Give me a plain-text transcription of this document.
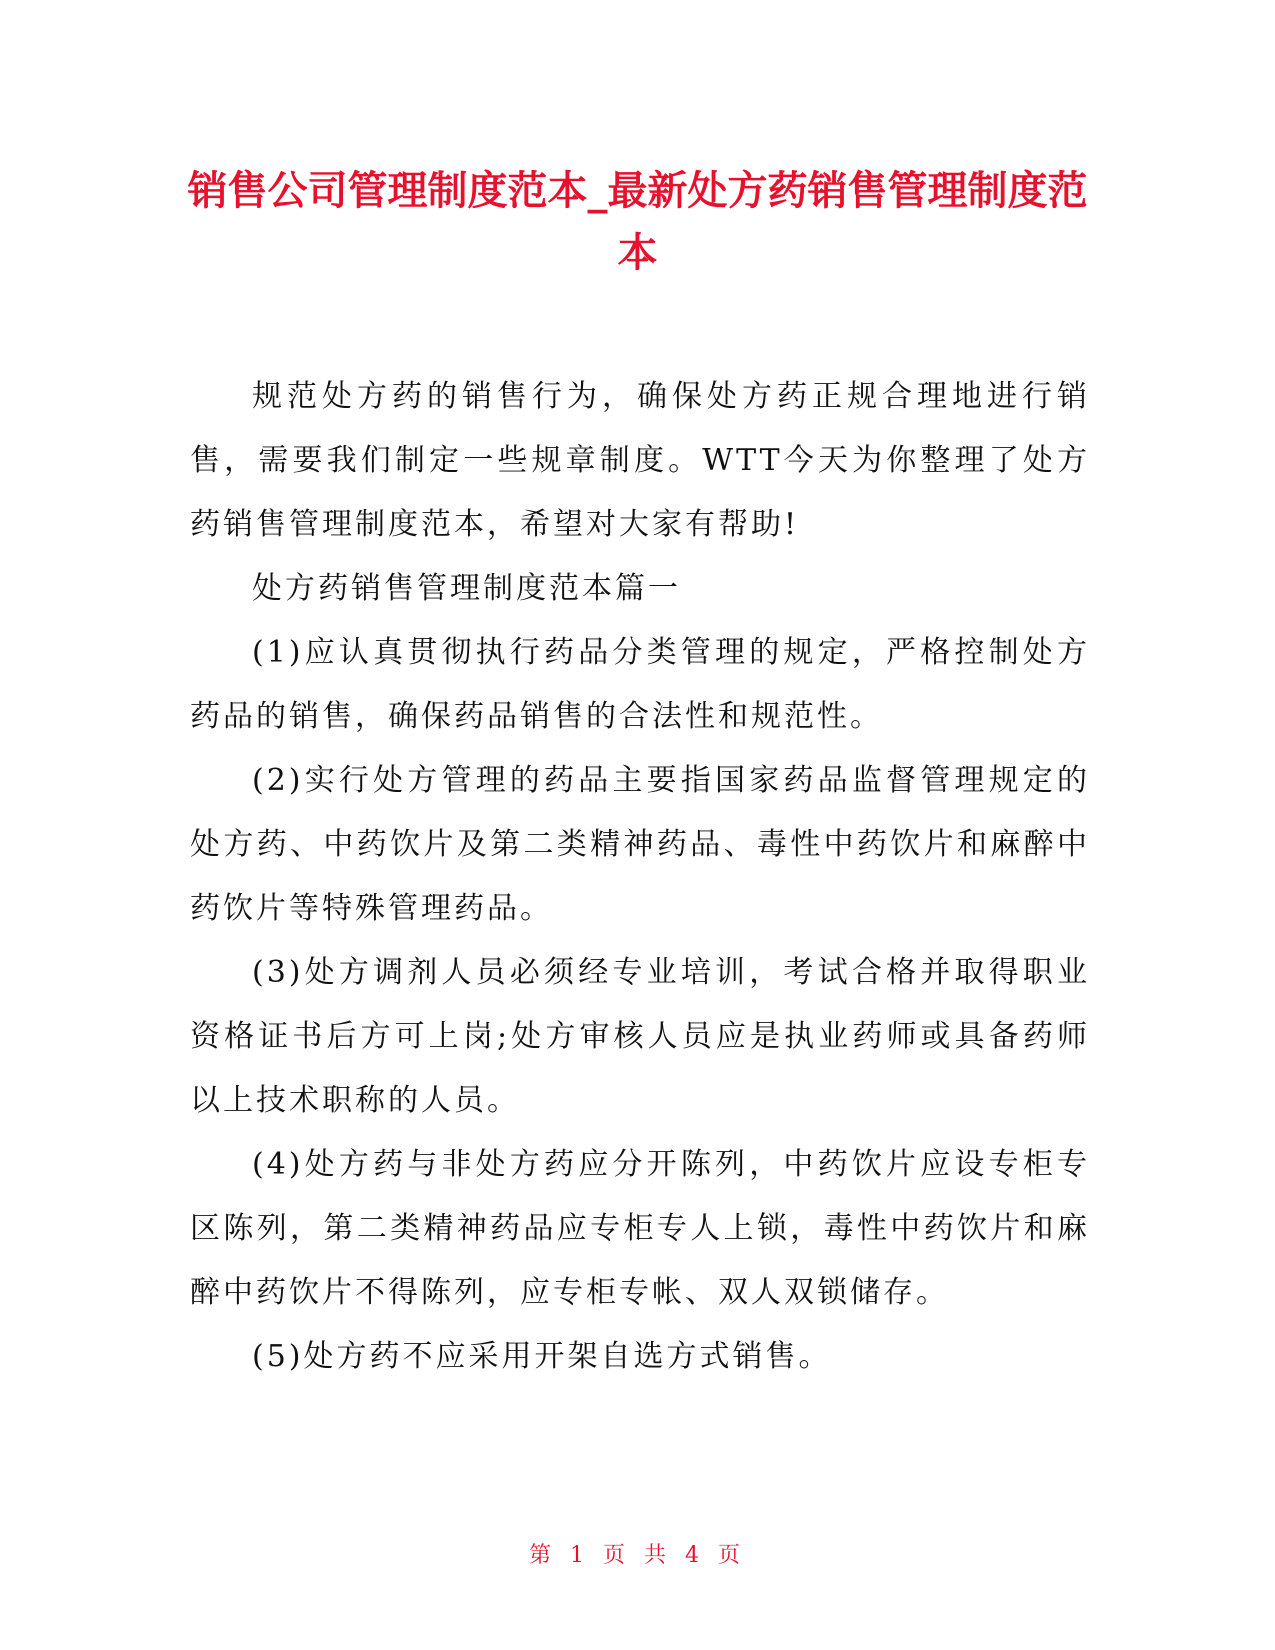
销售公司管理制度范本_最新处方药销售管理制度范本

规范处方药的销售行为，确保处方药正规合理地进行销售，需要我们制定一些规章制度。WTT今天为你整理了处方药销售管理制度范本，希望对大家有帮助!

处方药销售管理制度范本篇一

(1)应认真贯彻执行药品分类管理的规定，严格控制处方药品的销售，确保药品销售的合法性和规范性。

(2)实行处方管理的药品主要指国家药品监督管理规定的处方药、中药饮片及第二类精神药品、毒性中药饮片和麻醉中药饮片等特殊管理药品。

(3)处方调剂人员必须经专业培训，考试合格并取得职业资格证书后方可上岗;处方审核人员应是执业药师或具备药师以上技术职称的人员。

(4)处方药与非处方药应分开陈列，中药饮片应设专柜专区陈列，第二类精神药品应专柜专人上锁，毒性中药饮片和麻醉中药饮片不得陈列，应专柜专帐、双人双锁储存。

(5)处方药不应采用开架自选方式销售。

第 1 页 共 4 页
